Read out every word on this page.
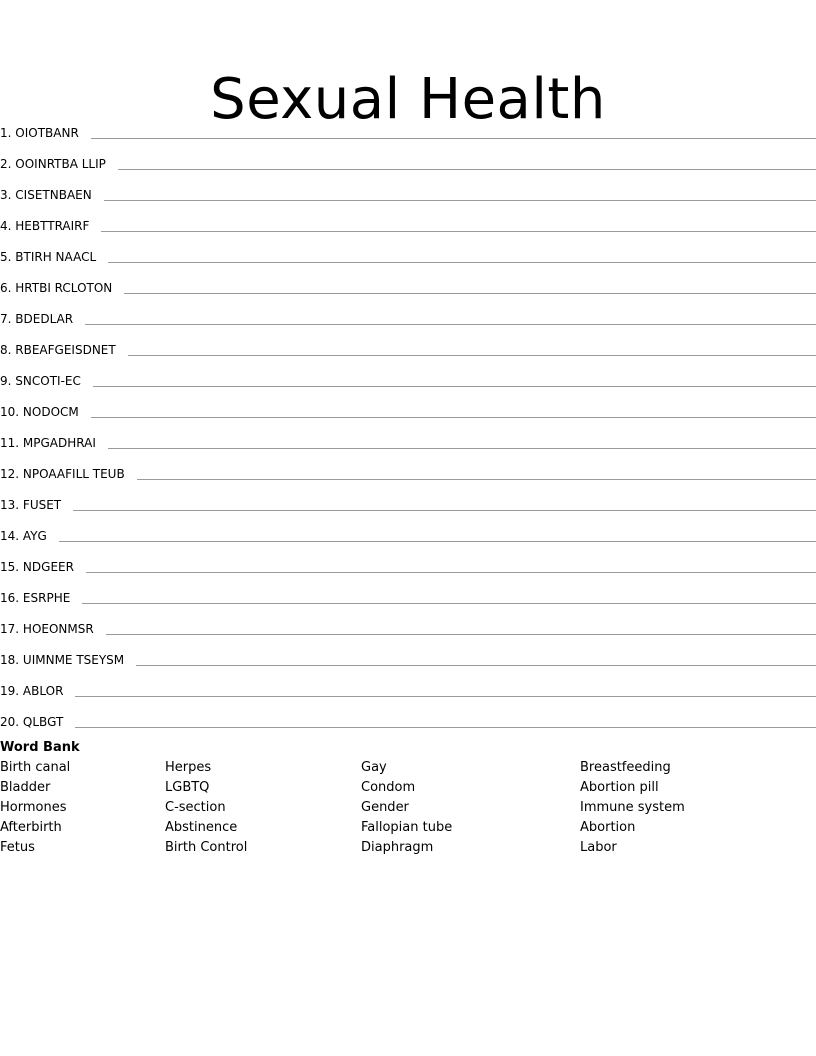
Sexual Health
1. OIOTBANR
2. OOINRTBA LLIP
3. CISETNBAEN
4. HEBTTRAIRF
5. BTIRH NAACL
6. HRTBI RCLOTON
7. BDEDLAR
8. RBEAFGEISDNET
9. SNCOTI-EC
10. NODOCM
11. MPGADHRAI
12. NPOAAFILL TEUB
13. FUSET
14. AYG
15. NDGEER
16. ESRPHE
17. HOEONMSR
18. UIMNME TSEYSM
19. ABLOR
20. QLBGT
Word Bank
Birth canal
Bladder
Hormones
Afterbirth
Fetus
Herpes
LGBTQ
C-section
Abstinence
Birth Control
Gay
Condom
Gender
Fallopian tube
Diaphragm
Breastfeeding
Abortion pill
Immune system
Abortion
Labor
